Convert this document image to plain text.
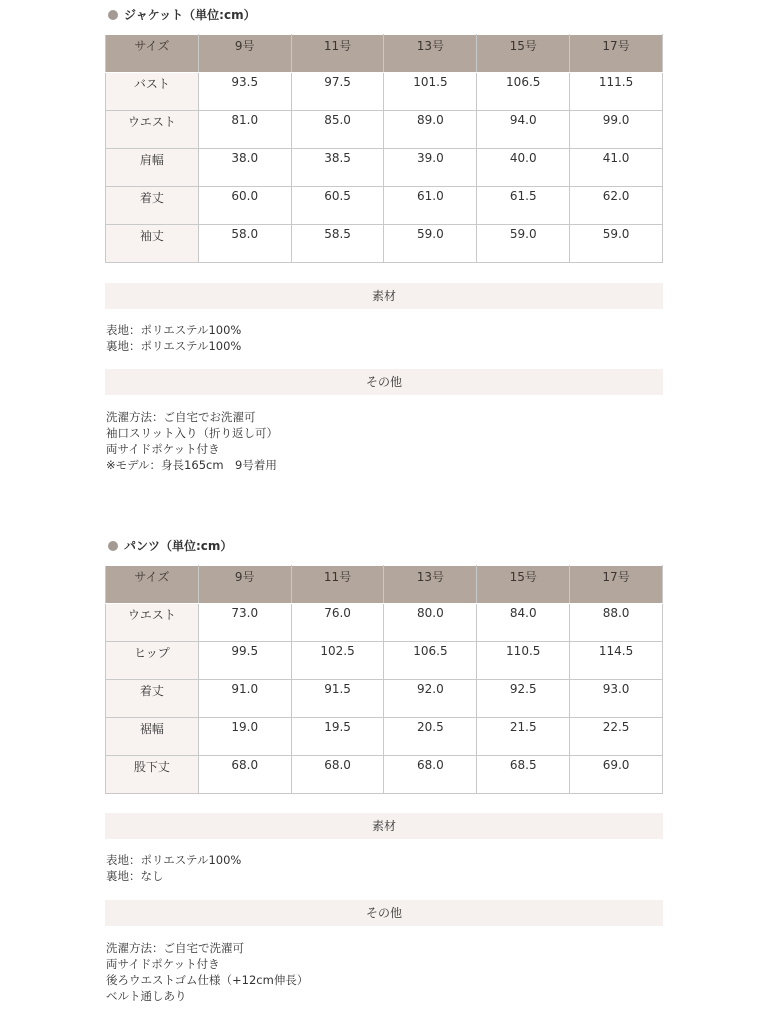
ジャケット（単位:cm）
サイズ	9号	11号	13号	15号	17号
バスト	93.5	97.5	101.5	106.5	111.5
ウエスト	81.0	85.0	89.0	94.0	99.0
肩幅	38.0	38.5	39.0	40.0	41.0
着丈	60.0	60.5	61.0	61.5	62.0
袖丈	58.0	58.5	59.0	59.0	59.0
素材
表地：ポリエステル100%
裏地：ポリエステル100%
その他
洗濯方法：ご自宅でお洗濯可
袖口スリット入り（折り返し可）
両サイドポケット付き
※モデル：身長165cm　9号着用
パンツ（単位:cm）
サイズ	9号	11号	13号	15号	17号
ウエスト	73.0	76.0	80.0	84.0	88.0
ヒップ	99.5	102.5	106.5	110.5	114.5
着丈	91.0	91.5	92.0	92.5	93.0
裾幅	19.0	19.5	20.5	21.5	22.5
股下丈	68.0	68.0	68.0	68.5	69.0
素材
表地：ポリエステル100%
裏地：なし
その他
洗濯方法：ご自宅で洗濯可
両サイドポケット付き
後ろウエストゴム仕様（+12cm伸長）
ベルト通しあり
